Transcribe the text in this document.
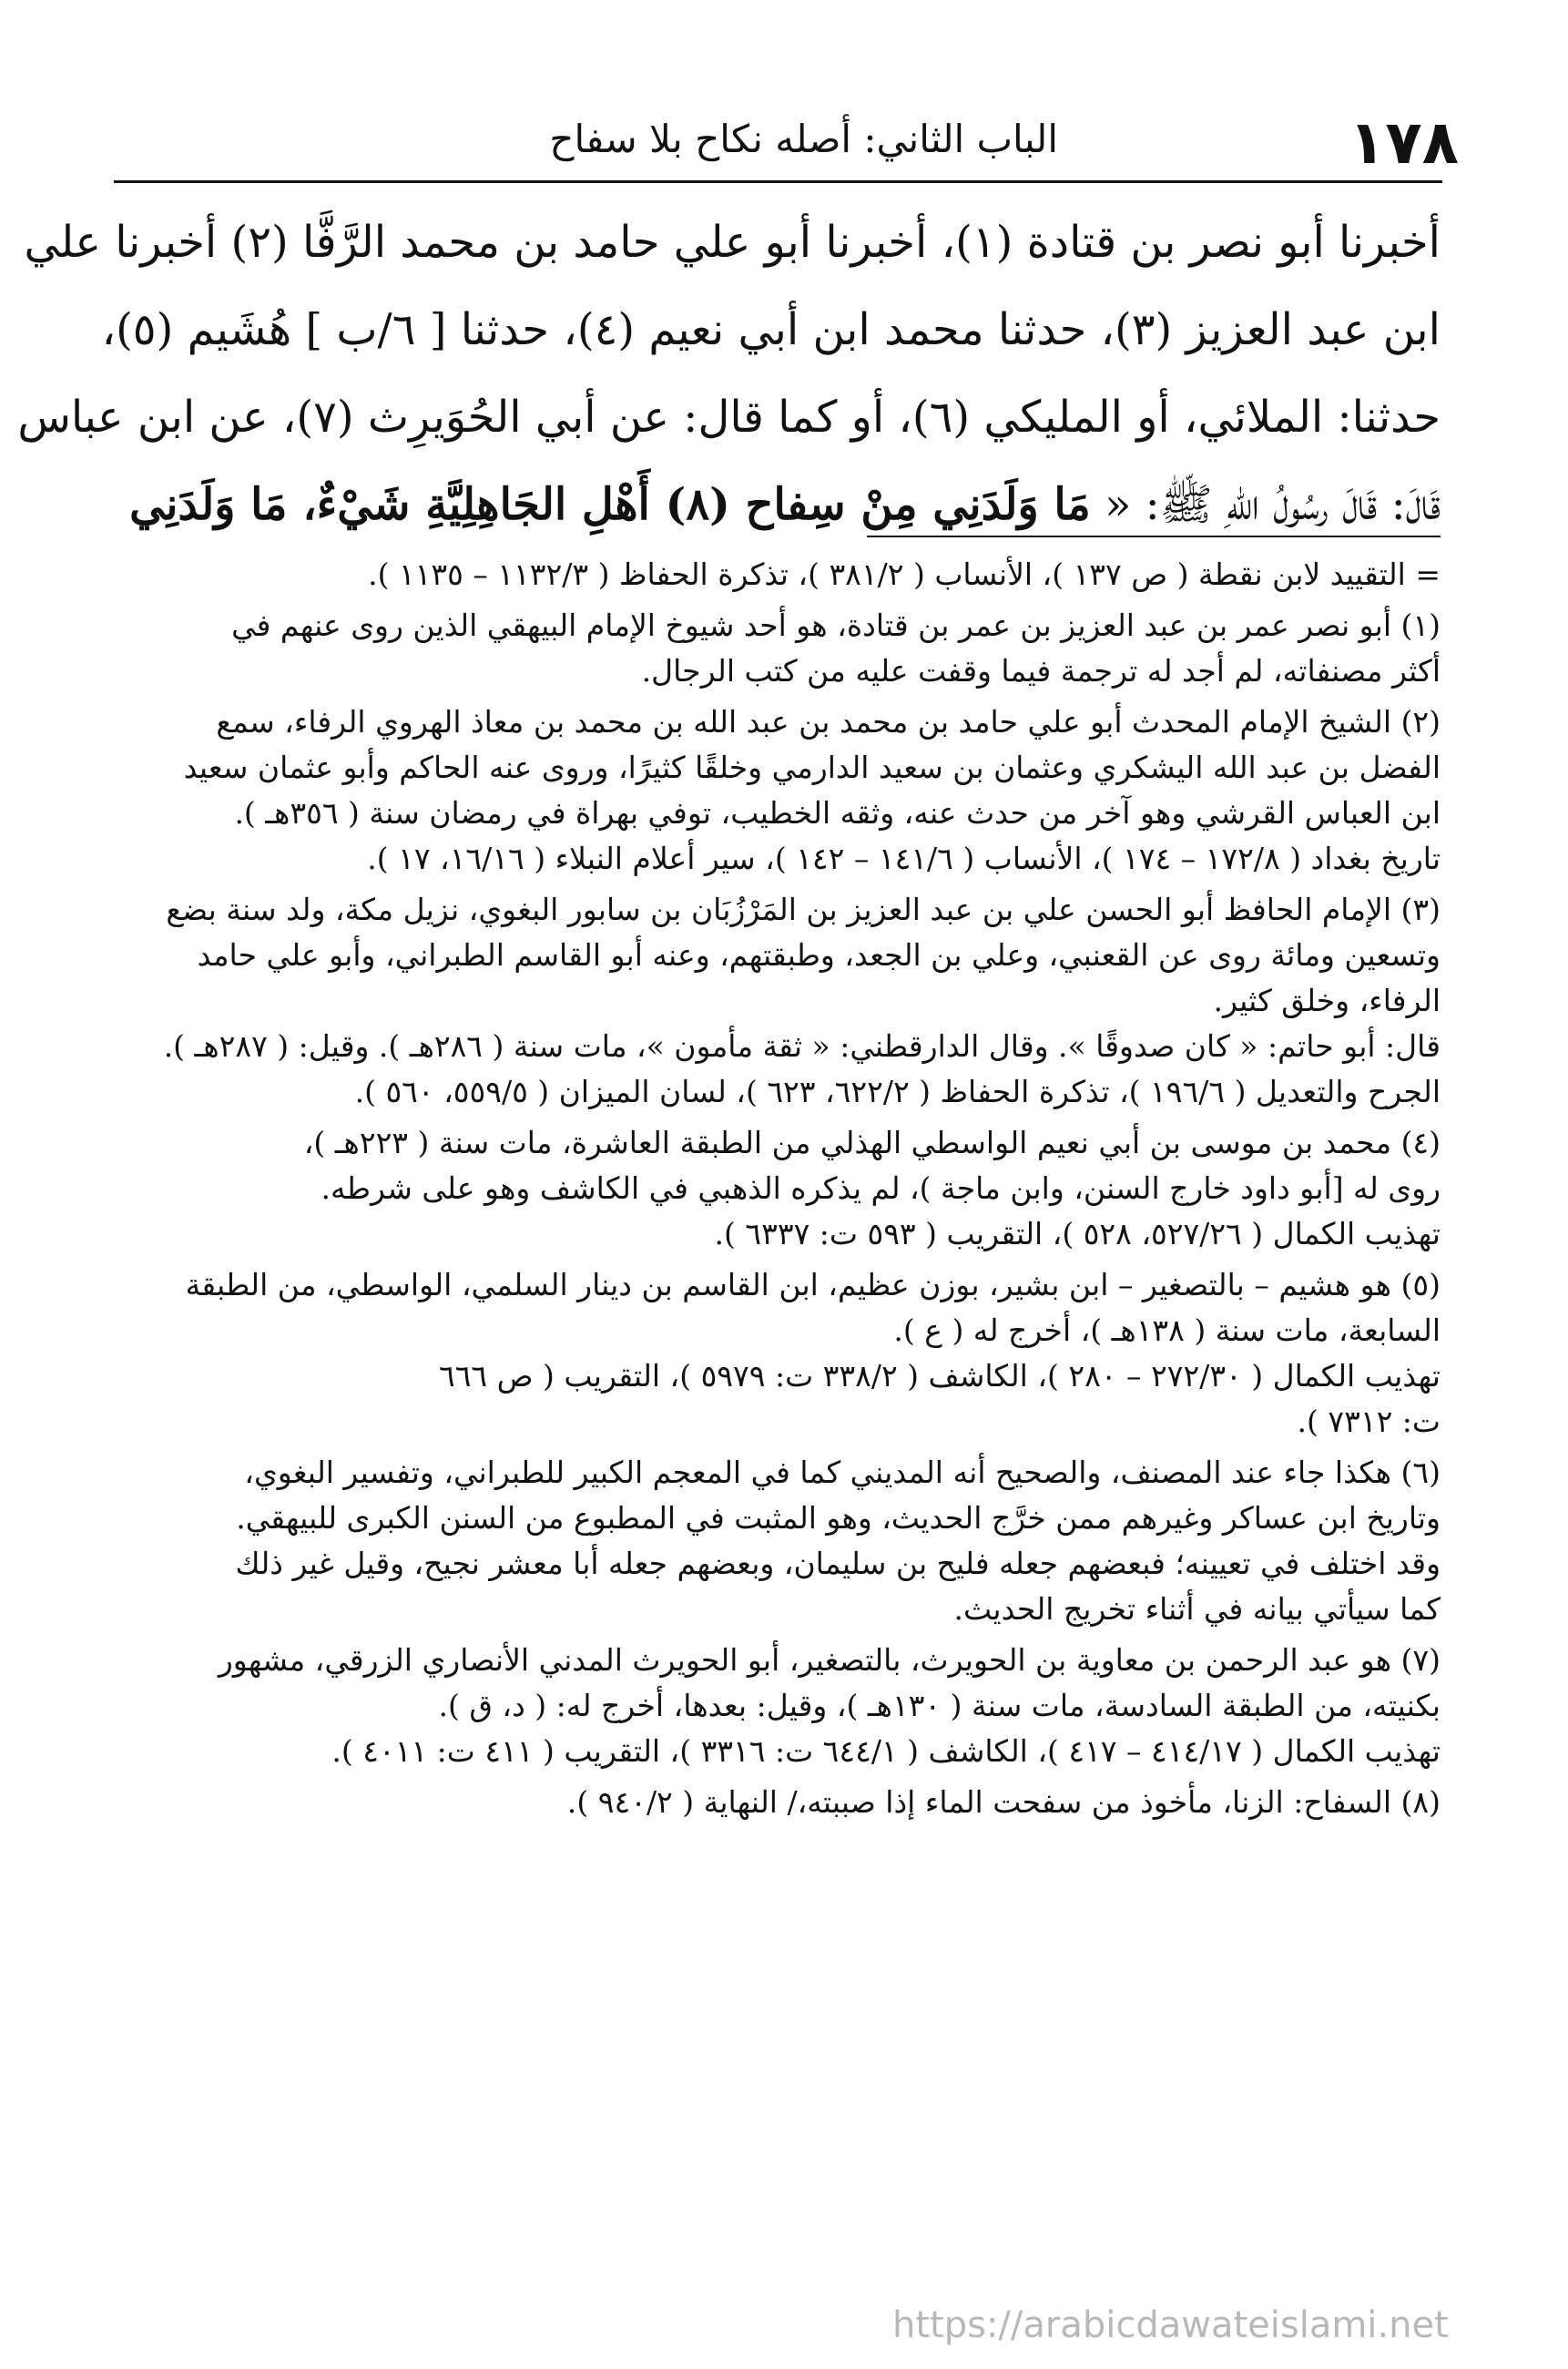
١٧٨
الباب الثاني: أصله نكاح بلا سفاح
أخبرنا أبو نصر بن قتادة (١)، أخبرنا أبو علي حامد بن محمد الرَّفَّا (٢) أخبرنا علي
ابن عبد العزيز (٣)، حدثنا محمد ابن أبي نعيم (٤)، حدثنا [ ٦/ب ] هُشَيم (٥)،
حدثنا: الملائي، أو المليكي (٦)، أو كما قال: عن أبي الحُوَيرِث (٧)، عن ابن عباس
قَالَ: قَالَ رسُولُ اللهِ ﷺ: « مَا وَلَدَنِي مِنْ سِفاح (٨) أَهْلِ الجَاهِلِيَّةِ شَيْءٌ، مَا وَلَدَنِي
= التقييد لابن نقطة ( ص ١٣٧ )، الأنساب ( ٣٨١/٢ )، تذكرة الحفاظ ( ١١٣٢/٣ – ١١٣٥ ).
(١) أبو نصر عمر بن عبد العزيز بن عمر بن قتادة، هو أحد شيوخ الإمام البيهقي الذين روى عنهم في
أكثر مصنفاته، لم أجد له ترجمة فيما وقفت عليه من كتب الرجال.
(٢) الشيخ الإمام المحدث أبو علي حامد بن محمد بن عبد الله بن محمد بن معاذ الهروي الرفاء، سمع
الفضل بن عبد الله اليشكري وعثمان بن سعيد الدارمي وخلقًا كثيرًا، وروى عنه الحاكم وأبو عثمان سعيد
ابن العباس القرشي وهو آخر من حدث عنه، وثقه الخطيب، توفي بهراة في رمضان سنة ( ٣٥٦هـ ).
تاريخ بغداد ( ١٧٢/٨ – ١٧٤ )، الأنساب ( ١٤١/٦ – ١٤٢ )، سير أعلام النبلاء ( ١٦/١٦، ١٧ ).
(٣) الإمام الحافظ أبو الحسن علي بن عبد العزيز بن المَرْزُبَان بن سابور البغوي، نزيل مكة، ولد سنة بضع
وتسعين ومائة روى عن القعنبي، وعلي بن الجعد، وطبقتهم، وعنه أبو القاسم الطبراني، وأبو علي حامد
الرفاء، وخلق كثير.
قال: أبو حاتم: « كان صدوقًا ». وقال الدارقطني: « ثقة مأمون »، مات سنة ( ٢٨٦هـ ). وقيل: ( ٢٨٧هـ ).
الجرح والتعديل ( ١٩٦/٦ )، تذكرة الحفاظ ( ٦٢٢/٢، ٦٢٣ )، لسان الميزان ( ٥٥٩/٥، ٥٦٠ ).
(٤) محمد بن موسى بن أبي نعيم الواسطي الهذلي من الطبقة العاشرة، مات سنة ( ٢٢٣هـ )،
روى له [أبو داود خارج السنن، وابن ماجة )، لم يذكره الذهبي في الكاشف وهو على شرطه.
تهذيب الكمال ( ٥٢٧/٢٦، ٥٢٨ )، التقريب ( ٥٩٣ ت: ٦٣٣٧ ).
(٥) هو هشيم – بالتصغير – ابن بشير، بوزن عظيم، ابن القاسم بن دينار السلمي، الواسطي، من الطبقة
السابعة، مات سنة ( ١٣٨هـ )، أخرج له ( ع ).
تهذيب الكمال ( ٢٧٢/٣٠ – ٢٨٠ )، الكاشف ( ٣٣٨/٢ ت: ٥٩٧٩ )، التقريب ( ص ٦٦٦
ت: ٧٣١٢ ).
(٦) هكذا جاء عند المصنف، والصحيح أنه المديني كما في المعجم الكبير للطبراني، وتفسير البغوي،
وتاريخ ابن عساكر وغيرهم ممن خرَّج الحديث، وهو المثبت في المطبوع من السنن الكبرى للبيهقي.
وقد اختلف في تعيينه؛ فبعضهم جعله فليح بن سليمان، وبعضهم جعله أبا معشر نجيح، وقيل غير ذلك
كما سيأتي بيانه في أثناء تخريج الحديث.
(٧) هو عبد الرحمن بن معاوية بن الحويرث، بالتصغير، أبو الحويرث المدني الأنصاري الزرقي، مشهور
بكنيته، من الطبقة السادسة، مات سنة ( ١٣٠هـ )، وقيل: بعدها، أخرج له: ( د، ق ).
تهذيب الكمال ( ٤١٤/١٧ – ٤١٧ )، الكاشف ( ٦٤٤/١ ت: ٣٣١٦ )، التقريب ( ٤١١ ت: ٤٠١١ ).
(٨) السفاح: الزنا، مأخوذ من سفحت الماء إذا صببته،/ النهاية ( ٩٤٠/٢ ).
https://arabicdawateislami.net
